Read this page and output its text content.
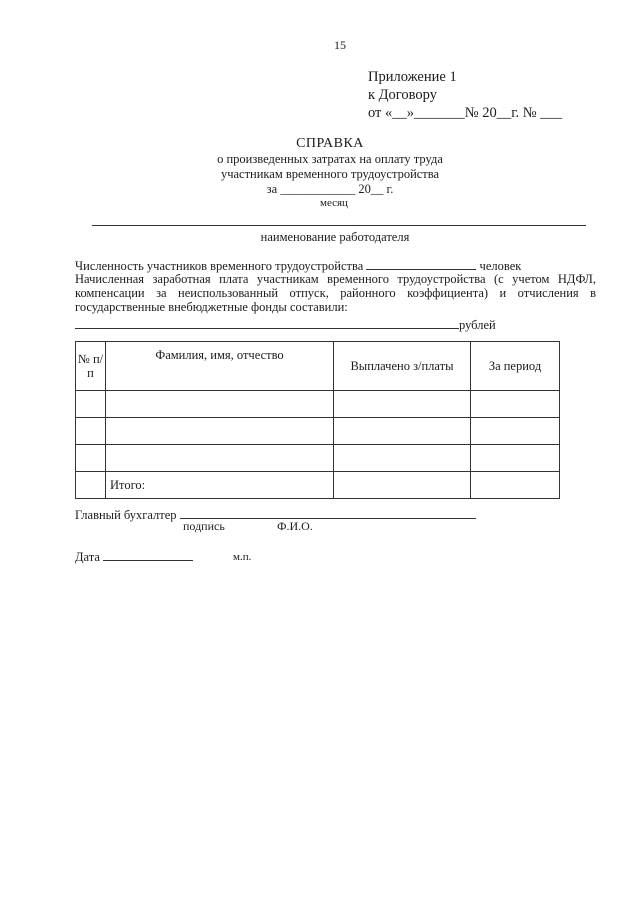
15
Приложение 1
к Договору
от «__»_______№ 20__г. № ___
СПРАВКА
о произведенных затратах на оплату труда
участникам временного трудоустройства
за ____________ 20__ г.
месяц
наименование работодателя
Численность участников временного трудоустройства	человек
Начисленная заработная плата участникам временного трудоустройства (с учетом НДФЛ,
компенсации за неиспользованный отпуск, районного коэффициента) и отчисления в
государственные внебюджетные фонды составили:
рублей
№ п/п	Фамилия, имя, отчество	Выплачено з/платы	За период

	Итого:		
Главный бухгалтер
подпись	Ф.И.О.
Дата	м.п.
